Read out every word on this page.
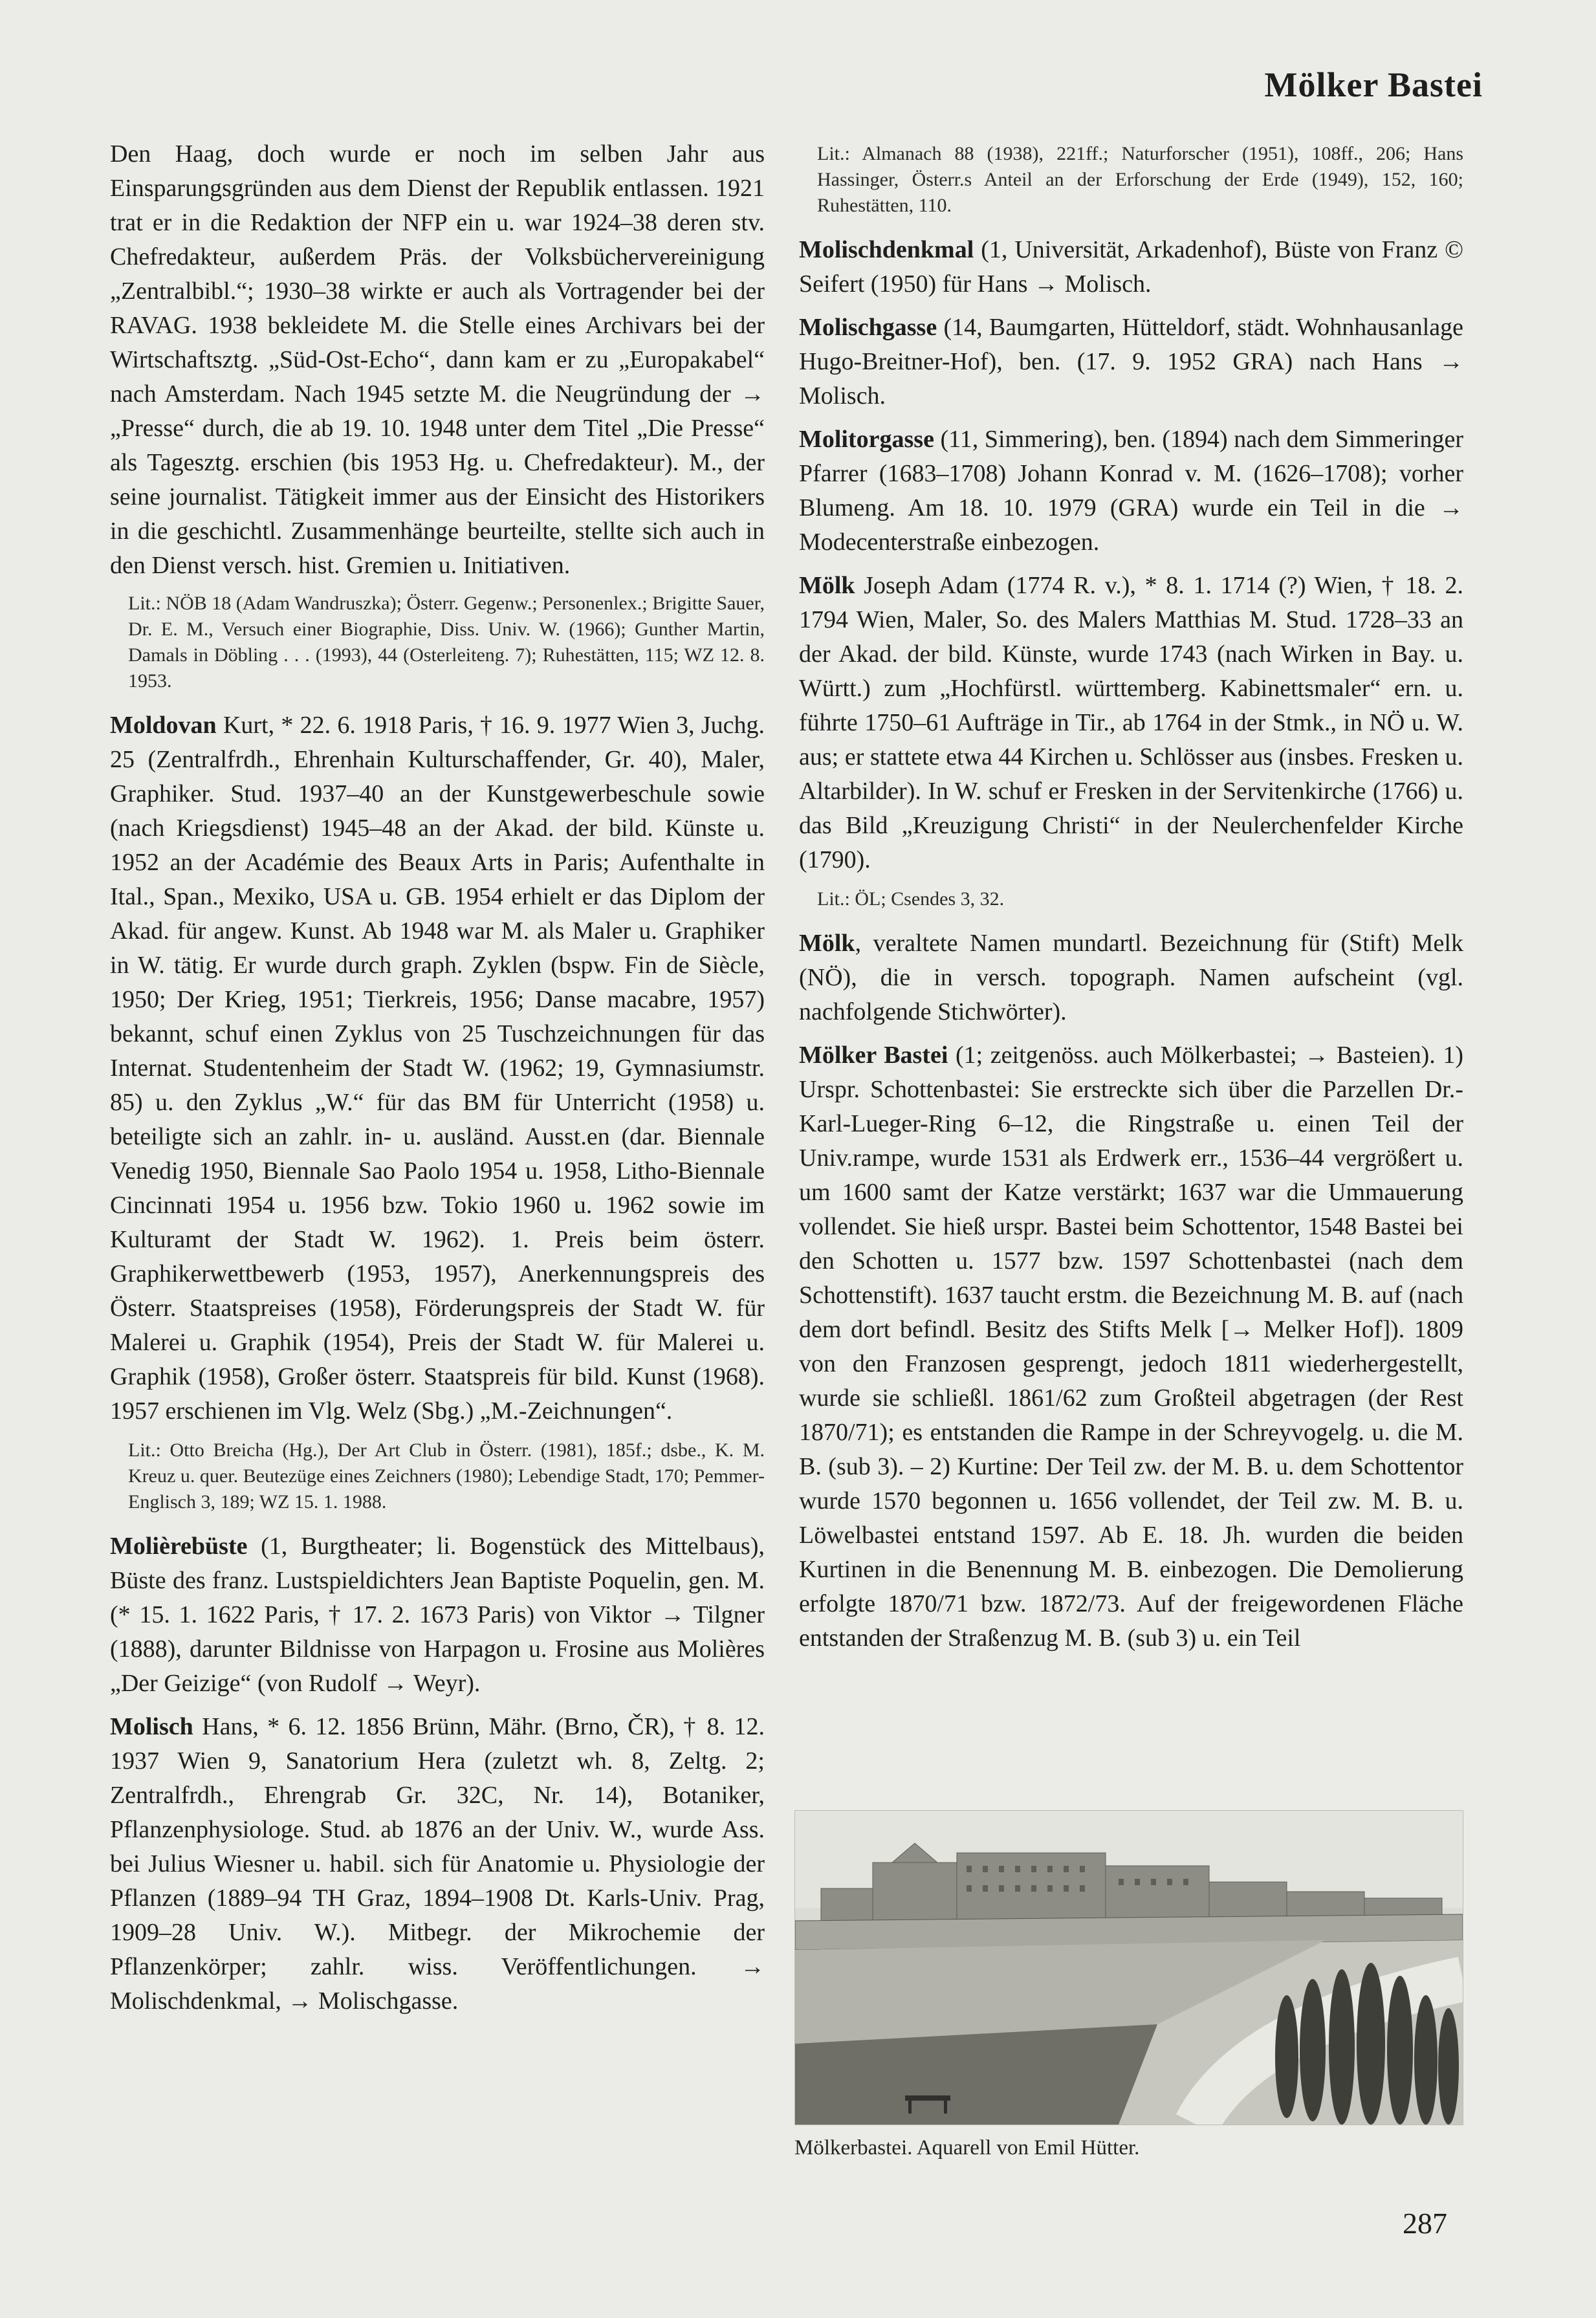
Mölker Bastei

Den Haag, doch wurde er noch im selben Jahr aus Einsparungsgründen aus dem Dienst der Republik entlassen. 1921 trat er in die Redaktion der NFP ein u. war 1924–38 deren stv. Chefredakteur, außerdem Präs. der Volksbüchervereinigung „Zentralbibl.“; 1930–38 wirkte er auch als Vortragender bei der RAVAG. 1938 bekleidete M. die Stelle eines Archivars bei der Wirtschaftsztg. „Süd-Ost-Echo“, dann kam er zu „Europakabel“ nach Amsterdam. Nach 1945 setzte M. die Neugründung der → „Presse“ durch, die ab 19. 10. 1948 unter dem Titel „Die Presse“ als Tagesztg. erschien (bis 1953 Hg. u. Chefredakteur). M., der seine journalist. Tätigkeit immer aus der Einsicht des Historikers in die geschichtl. Zusammenhänge beurteilte, stellte sich auch in den Dienst versch. hist. Gremien u. Initiativen.

Lit.: NÖB 18 (Adam Wandruszka); Österr. Gegenw.; Personenlex.; Brigitte Sauer, Dr. E. M., Versuch einer Biographie, Diss. Univ. W. (1966); Gunther Martin, Damals in Döbling . . . (1993), 44 (Osterleiteng. 7); Ruhestätten, 115; WZ 12. 8. 1953.

Moldovan Kurt, * 22. 6. 1918 Paris, † 16. 9. 1977 Wien 3, Juchg. 25 (Zentralfrdh., Ehrenhain Kulturschaffender, Gr. 40), Maler, Graphiker. Stud. 1937–40 an der Kunstgewerbeschule sowie (nach Kriegsdienst) 1945–48 an der Akad. der bild. Künste u. 1952 an der Académie des Beaux Arts in Paris; Aufenthalte in Ital., Span., Mexiko, USA u. GB. 1954 erhielt er das Diplom der Akad. für angew. Kunst. Ab 1948 war M. als Maler u. Graphiker in W. tätig. Er wurde durch graph. Zyklen (bspw. Fin de Siècle, 1950; Der Krieg, 1951; Tierkreis, 1956; Danse macabre, 1957) bekannt, schuf einen Zyklus von 25 Tuschzeichnungen für das Internat. Studentenheim der Stadt W. (1962; 19, Gymnasiumstr. 85) u. den Zyklus „W.“ für das BM für Unterricht (1958) u. beteiligte sich an zahlr. in- u. ausländ. Ausst.en (dar. Biennale Venedig 1950, Biennale Sao Paolo 1954 u. 1958, Litho-Biennale Cincinnati 1954 u. 1956 bzw. Tokio 1960 u. 1962 sowie im Kulturamt der Stadt W. 1962). 1. Preis beim österr. Graphikerwettbewerb (1953, 1957), Anerkennungspreis des Österr. Staatspreises (1958), Förderungspreis der Stadt W. für Malerei u. Graphik (1954), Preis der Stadt W. für Malerei u. Graphik (1958), Großer österr. Staatspreis für bild. Kunst (1968). 1957 erschienen im Vlg. Welz (Sbg.) „M.-Zeichnungen“.

Lit.: Otto Breicha (Hg.), Der Art Club in Österr. (1981), 185f.; dsbe., K. M. Kreuz u. quer. Beutezüge eines Zeichners (1980); Lebendige Stadt, 170; Pemmer-Englisch 3, 189; WZ 15. 1. 1988.

Molièrebüste (1, Burgtheater; li. Bogenstück des Mittelbaus), Büste des franz. Lustspieldichters Jean Baptiste Poquelin, gen. M. (* 15. 1. 1622 Paris, † 17. 2. 1673 Paris) von Viktor → Tilgner (1888), darunter Bildnisse von Harpagon u. Frosine aus Molières „Der Geizige“ (von Rudolf → Weyr).

Molisch Hans, * 6. 12. 1856 Brünn, Mähr. (Brno, ČR), † 8. 12. 1937 Wien 9, Sanatorium Hera (zuletzt wh. 8, Zeltg. 2; Zentralfrdh., Ehrengrab Gr. 32C, Nr. 14), Botaniker, Pflanzenphysiologe. Stud. ab 1876 an der Univ. W., wurde Ass. bei Julius Wiesner u. habil. sich für Anatomie u. Physiologie der Pflanzen (1889–94 TH Graz, 1894–1908 Dt. Karls-Univ. Prag, 1909–28 Univ. W.). Mitbegr. der Mikrochemie der Pflanzenkörper; zahlr. wiss. Veröffentlichungen. → Molischdenkmal, → Molischgasse.

Lit.: Almanach 88 (1938), 221ff.; Naturforscher (1951), 108ff., 206; Hans Hassinger, Österr.s Anteil an der Erforschung der Erde (1949), 152, 160; Ruhestätten, 110.

Molischdenkmal (1, Universität, Arkadenhof), Büste von Franz © Seifert (1950) für Hans → Molisch.

Molischgasse (14, Baumgarten, Hütteldorf, städt. Wohnhausanlage Hugo-Breitner-Hof), ben. (17. 9. 1952 GRA) nach Hans → Molisch.

Molitorgasse (11, Simmering), ben. (1894) nach dem Simmeringer Pfarrer (1683–1708) Johann Konrad v. M. (1626–1708); vorher Blumeng. Am 18. 10. 1979 (GRA) wurde ein Teil in die → Modecenterstraße einbezogen.

Mölk Joseph Adam (1774 R. v.), * 8. 1. 1714 (?) Wien, † 18. 2. 1794 Wien, Maler, So. des Malers Matthias M. Stud. 1728–33 an der Akad. der bild. Künste, wurde 1743 (nach Wirken in Bay. u. Württ.) zum „Hochfürstl. württemberg. Kabinettsmaler“ ern. u. führte 1750–61 Aufträge in Tir., ab 1764 in der Stmk., in NÖ u. W. aus; er stattete etwa 44 Kirchen u. Schlösser aus (insbes. Fresken u. Altarbilder). In W. schuf er Fresken in der Servitenkirche (1766) u. das Bild „Kreuzigung Christi“ in der Neulerchenfelder Kirche (1790).

Lit.: ÖL; Csendes 3, 32.

Mölk, veraltete Namen mundartl. Bezeichnung für (Stift) Melk (NÖ), die in versch. topograph. Namen aufscheint (vgl. nachfolgende Stichwörter).

Mölker Bastei (1; zeitgenöss. auch Mölkerbastei; → Basteien). 1) Urspr. Schottenbastei: Sie erstreckte sich über die Parzellen Dr.-Karl-Lueger-Ring 6–12, die Ringstraße u. einen Teil der Univ.rampe, wurde 1531 als Erdwerk err., 1536–44 vergrößert u. um 1600 samt der Katze verstärkt; 1637 war die Ummauerung vollendet. Sie hieß urspr. Bastei beim Schottentor, 1548 Bastei bei den Schotten u. 1577 bzw. 1597 Schottenbastei (nach dem Schottenstift). 1637 taucht erstm. die Bezeichnung M. B. auf (nach dem dort befindl. Besitz des Stifts Melk [→ Melker Hof]). 1809 von den Franzosen gesprengt, jedoch 1811 wiederhergestellt, wurde sie schließl. 1861/62 zum Großteil abgetragen (der Rest 1870/71); es entstanden die Rampe in der Schreyvogelg. u. die M. B. (sub 3). – 2) Kurtine: Der Teil zw. der M. B. u. dem Schottentor wurde 1570 begonnen u. 1656 vollendet, der Teil zw. M. B. u. Löwelbastei entstand 1597. Ab E. 18. Jh. wurden die beiden Kurtinen in die Benennung M. B. einbezogen. Die Demolierung erfolgte 1870/71 bzw. 1872/73. Auf der freigewordenen Fläche entstanden der Straßenzug M. B. (sub 3) u. ein Teil

Mölkerbastei. Aquarell von Emil Hütter.
287
